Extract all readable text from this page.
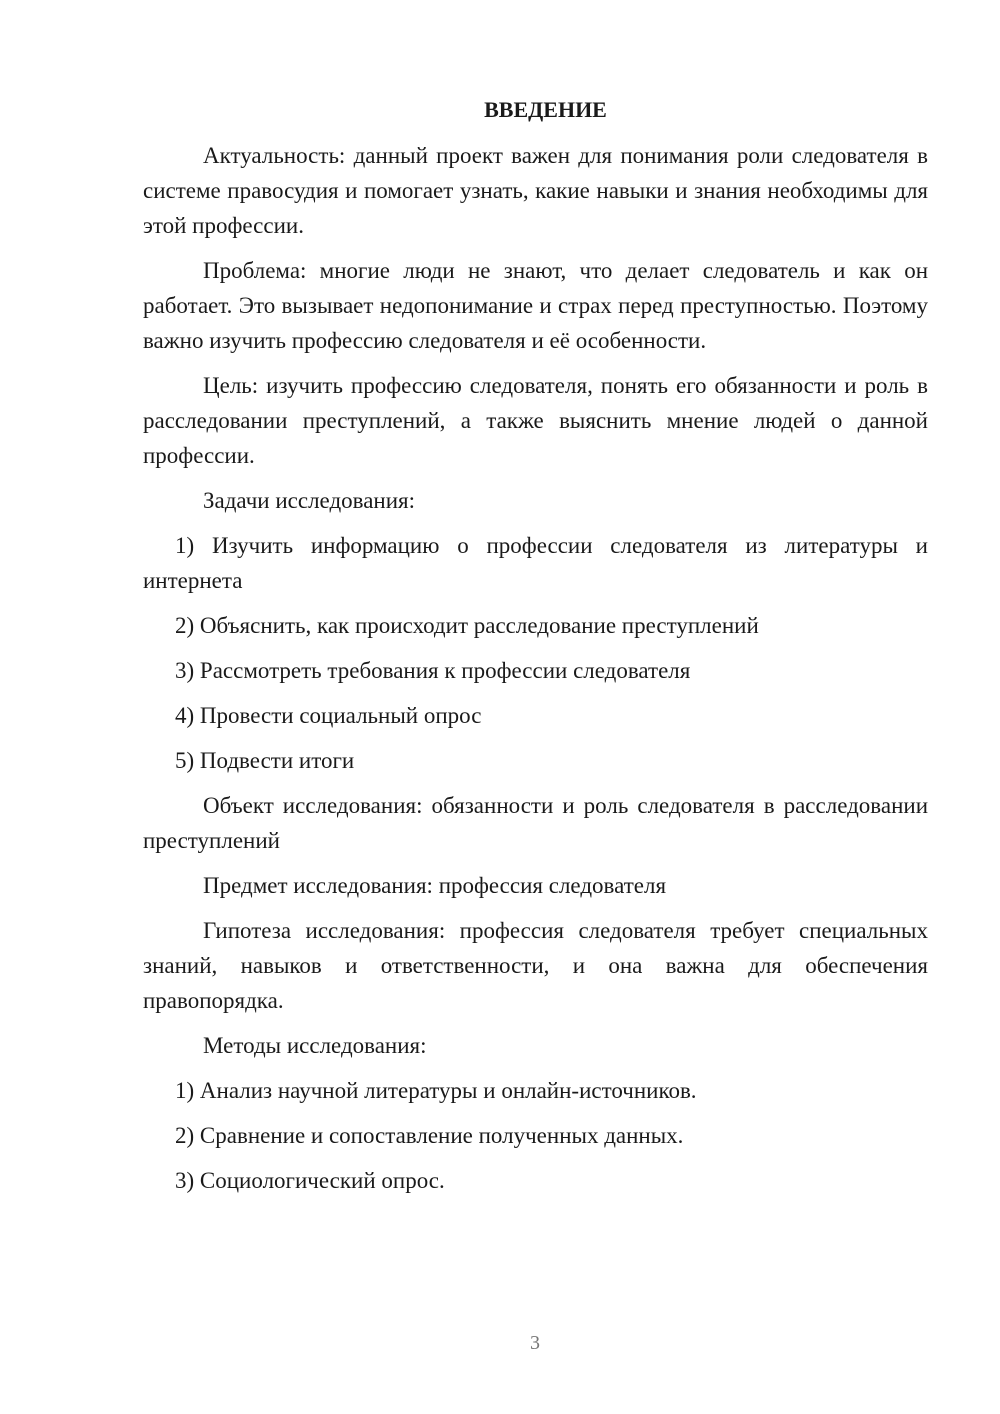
ВВЕДЕНИЕ

Актуальность: данный проект важен для понимания роли следователя в системе правосудия и помогает узнать, какие навыки и знания необходимы для этой профессии.

Проблема: многие люди не знают, что делает следователь и как он работает. Это вызывает недопонимание и страх перед преступностью. Поэтому важно изучить профессию следователя и её особенности.

Цель: изучить профессию следователя, понять его обязанности и роль в расследовании преступлений, а также выяснить мнение людей о данной профессии.

Задачи исследования:

1) Изучить информацию о профессии следователя из литературы и интернета

2) Объяснить, как происходит расследование преступлений

3) Рассмотреть требования к профессии следователя

4) Провести социальный опрос

5) Подвести итоги

Объект исследования: обязанности и роль следователя в расследовании преступлений

Предмет исследования: профессия следователя

Гипотеза исследования: профессия следователя требует специальных знаний, навыков и ответственности, и она важна для обеспечения правопорядка.

Методы исследования:

1) Анализ научной литературы и онлайн-источников.

2) Сравнение и сопоставление полученных данных.

3) Социологический опрос.

3
